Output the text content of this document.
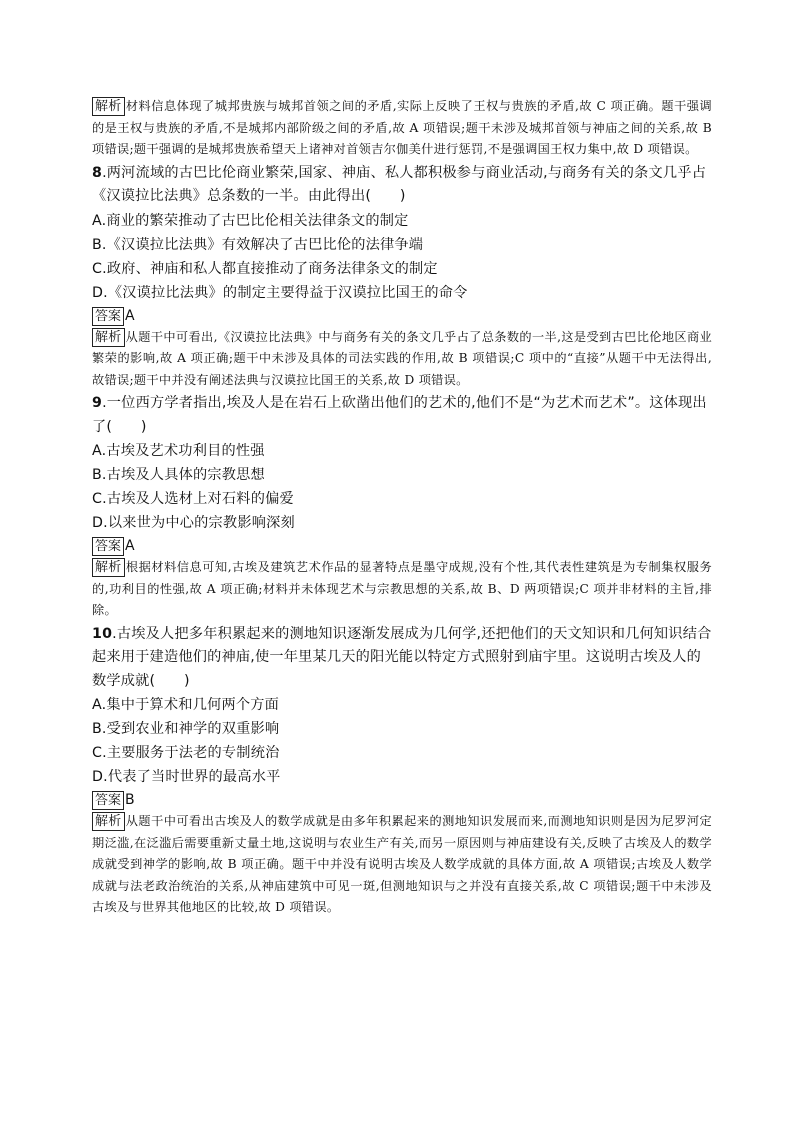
解析 材料信息体现了城邦贵族与城邦首领之间的矛盾,实际上反映了王权与贵族的矛盾,故 C 项正确。题干强调的是王权与贵族的矛盾,不是城邦内部阶级之间的矛盾,故 A 项错误;题干未涉及城邦首领与神庙之间的关系,故 B 项错误;题干强调的是城邦贵族希望天上诸神对首领吉尔伽美什进行惩罚,不是强调国王权力集中,故 D 项错误。
8.两河流域的古巴比伦商业繁荣,国家、神庙、私人都积极参与商业活动,与商务有关的条文几乎占《汉谟拉比法典》总条数的一半。由此得出(　　)
A.商业的繁荣推动了古巴比伦相关法律条文的制定
B.《汉谟拉比法典》有效解决了古巴比伦的法律争端
C.政府、神庙和私人都直接推动了商务法律条文的制定
D.《汉谟拉比法典》的制定主要得益于汉谟拉比国王的命令
答案 A
解析 从题干中可看出,《汉谟拉比法典》中与商务有关的条文几乎占了总条数的一半,这是受到古巴比伦地区商业繁荣的影响,故 A 项正确;题干中未涉及具体的司法实践的作用,故 B 项错误;C 项中的“直接”从题干中无法得出,故错误;题干中并没有阐述法典与汉谟拉比国王的关系,故 D 项错误。
9.一位西方学者指出,埃及人是在岩石上砍凿出他们的艺术的,他们不是“为艺术而艺术”。这体现出了(　　)
A.古埃及艺术功利目的性强
B.古埃及人具体的宗教思想
C.古埃及人选材上对石料的偏爱
D.以来世为中心的宗教影响深刻
答案 A
解析 根据材料信息可知,古埃及建筑艺术作品的显著特点是墨守成规,没有个性,其代表性建筑是为专制集权服务的,功利目的性强,故 A 项正确;材料并未体现艺术与宗教思想的关系,故 B、D 两项错误;C 项并非材料的主旨,排除。
10.古埃及人把多年积累起来的测地知识逐渐发展成为几何学,还把他们的天文知识和几何知识结合起来用于建造他们的神庙,使一年里某几天的阳光能以特定方式照射到庙宇里。这说明古埃及人的数学成就(　　)
A.集中于算术和几何两个方面
B.受到农业和神学的双重影响
C.主要服务于法老的专制统治
D.代表了当时世界的最高水平
答案 B
解析 从题干中可看出古埃及人的数学成就是由多年积累起来的测地知识发展而来,而测地知识则是因为尼罗河定期泛滥,在泛滥后需要重新丈量土地,这说明与农业生产有关,而另一原因则与神庙建设有关,反映了古埃及人的数学成就受到神学的影响,故 B 项正确。题干中并没有说明古埃及人数学成就的具体方面,故 A 项错误;古埃及人数学成就与法老政治统治的关系,从神庙建筑中可见一斑,但测地知识与之并没有直接关系,故 C 项错误;题干中未涉及古埃及与世界其他地区的比较,故 D 项错误。
